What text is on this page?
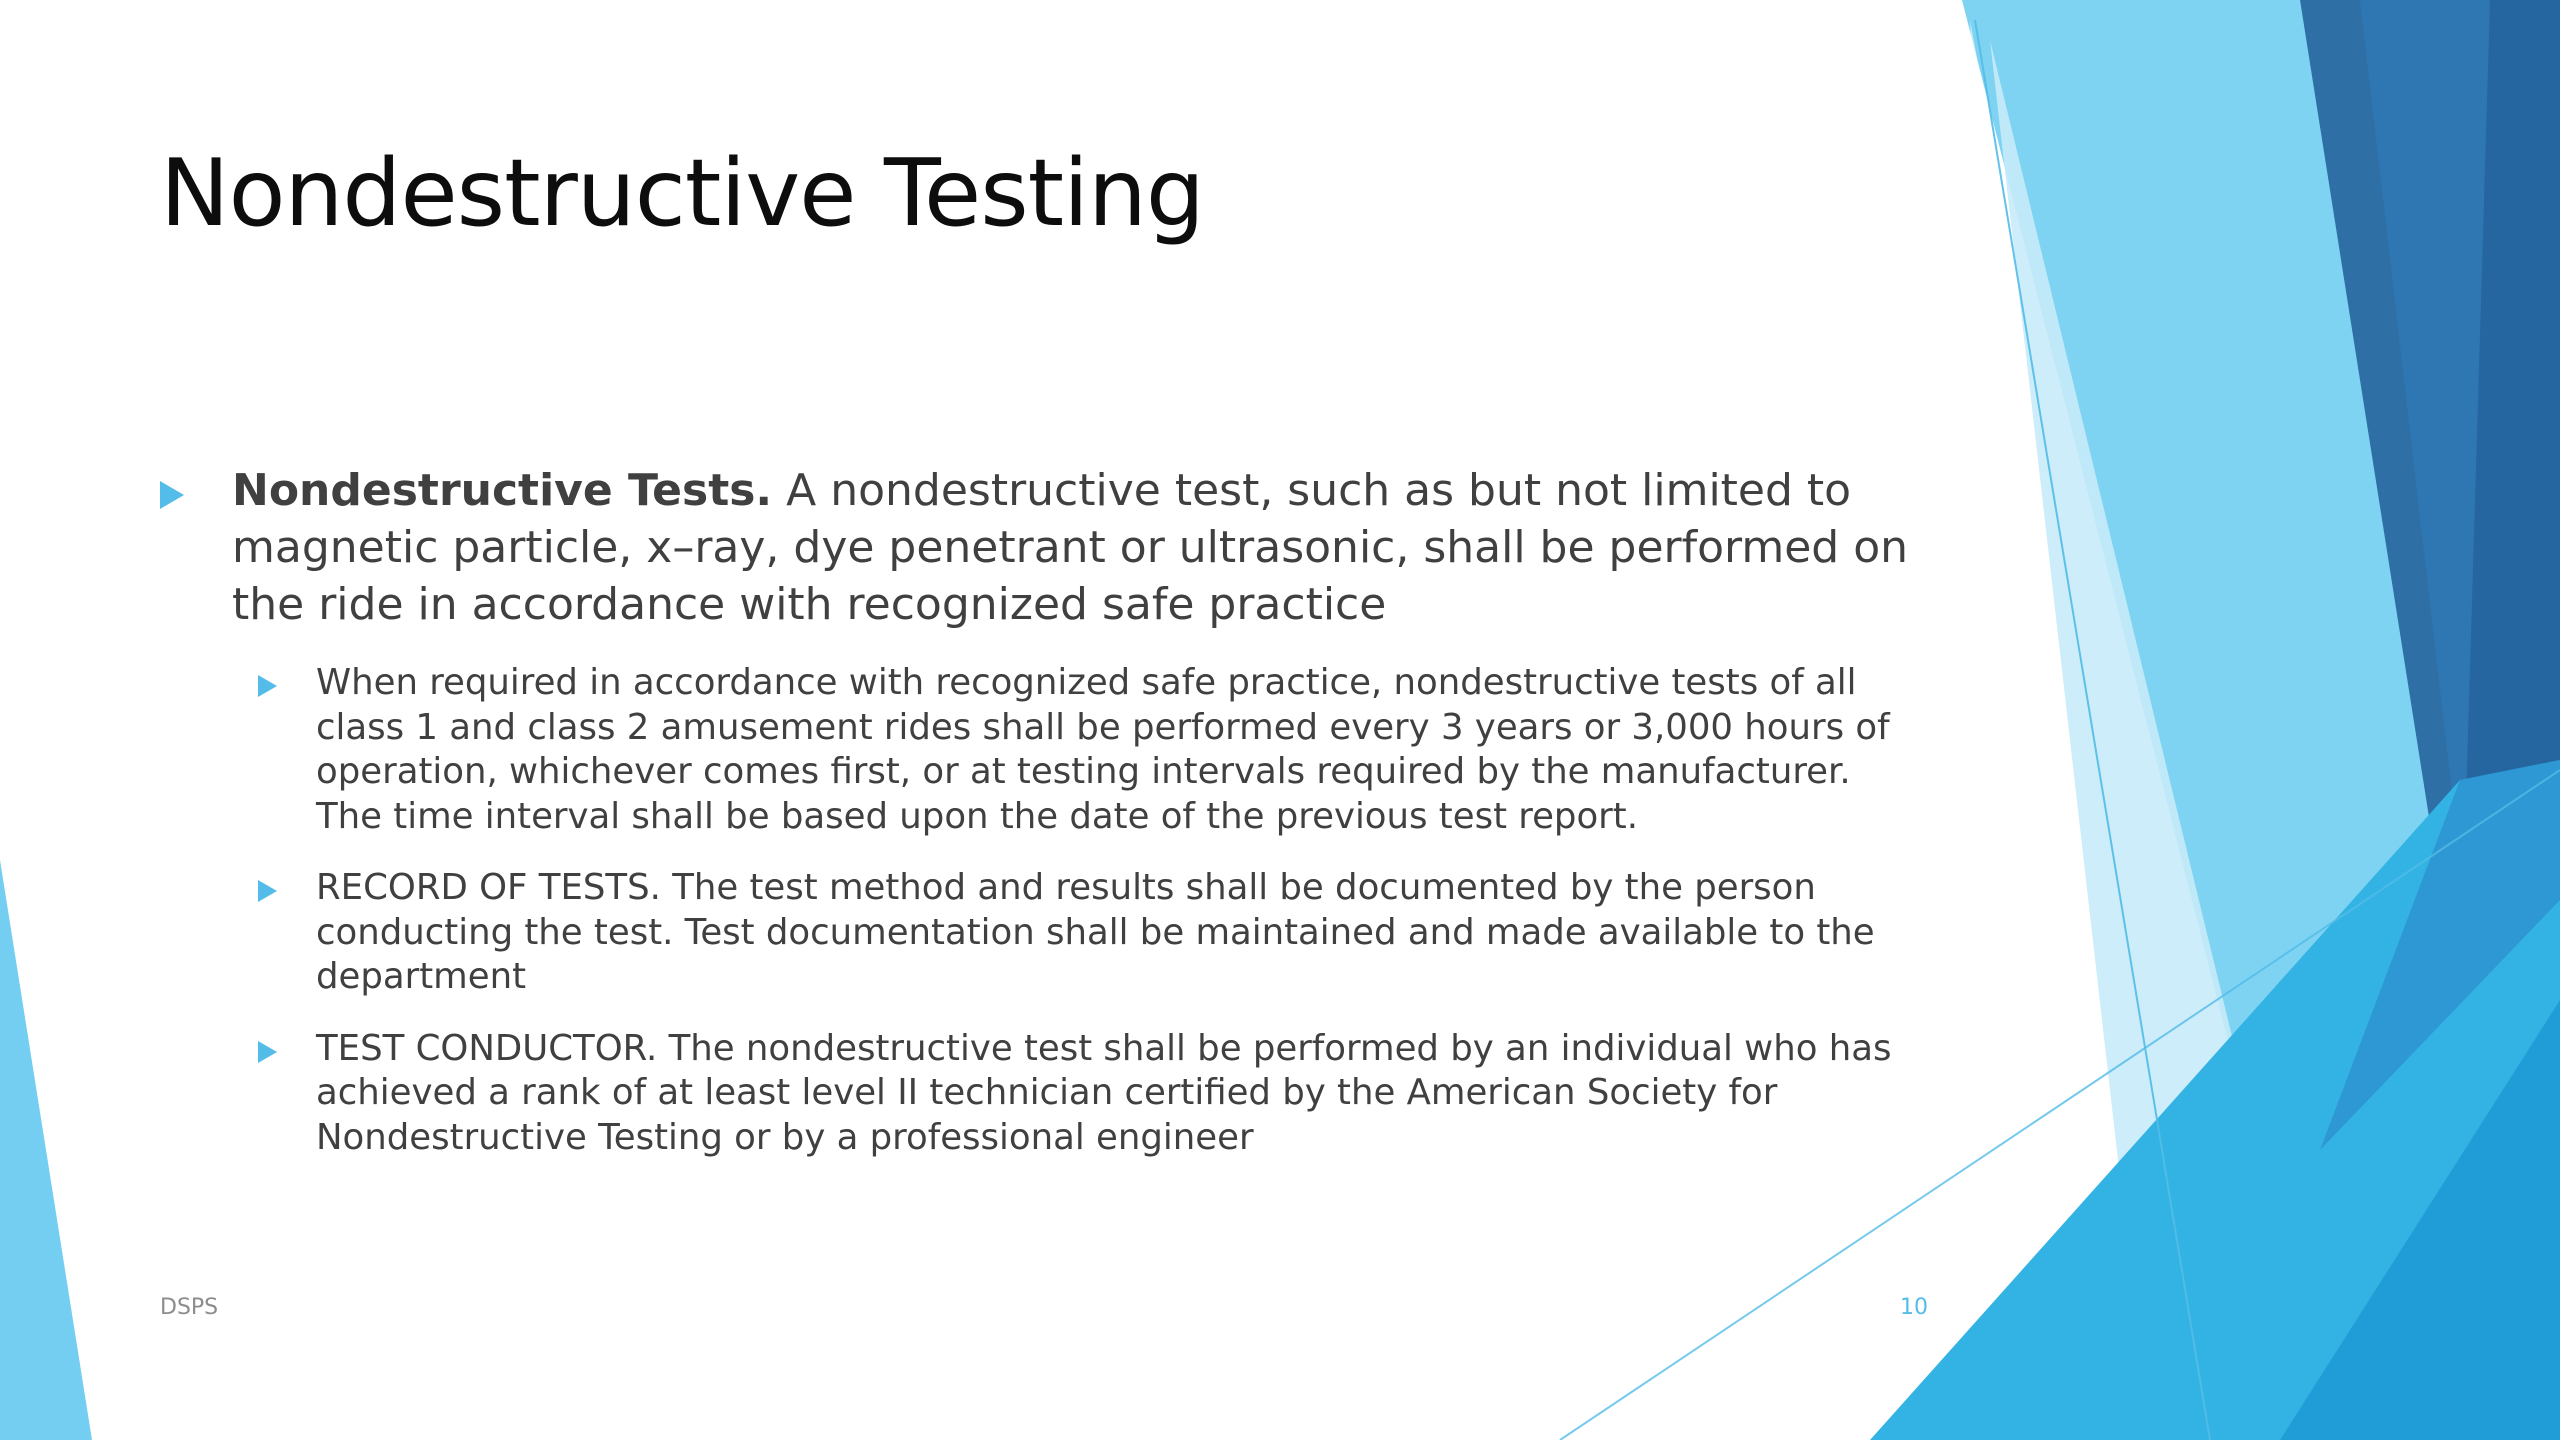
Nondestructive Testing
Nondestructive Tests. A nondestructive test, such as but not limited to magnetic particle, x–ray, dye penetrant or ultrasonic, shall be performed on the ride in accordance with recognized safe practice
When required in accordance with recognized safe practice, nondestructive tests of all class 1 and class 2 amusement rides shall be performed every 3 years or 3,000 hours of operation, whichever comes first, or at testing intervals required by the manufacturer. The time interval shall be based upon the date of the previous test report.
RECORD OF TESTS. The test method and results shall be documented by the person conducting the test. Test documentation shall be maintained and made available to the department
TEST CONDUCTOR. The nondestructive test shall be performed by an individual who has achieved a rank of at least level II technician certified by the American Society for Nondestructive Testing or by a professional engineer
DSPS	10
